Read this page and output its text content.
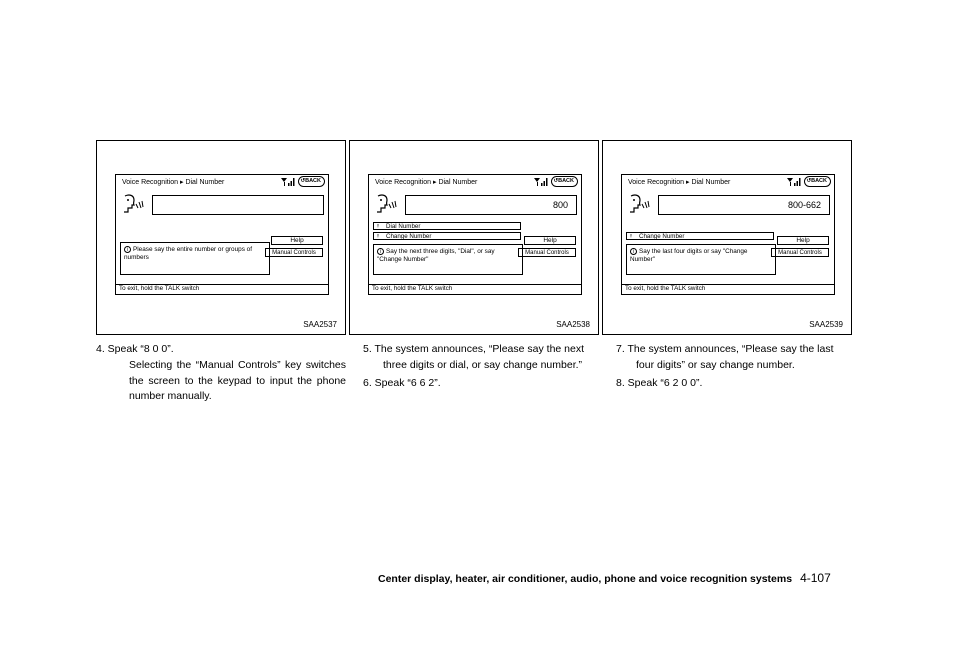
Voice Recognition ▸ Dial Number	↺BACK
Help
Manual Controls
i Please say the entire number or groups of numbers
To exit, hold the TALK switch
SAA2537
Voice Recognition ▸ Dial Number	↺BACK
800
ᵞ Dial Number
ᵞ Change Number
Help
Manual Controls
i Say the next three digits, "Dial", or say "Change Number"
To exit, hold the TALK switch
SAA2538
Voice Recognition ▸ Dial Number	↺BACK
800-662
ᵞ Change Number
Help
Manual Controls
i Say the last four digits or say "Change Number"
To exit, hold the TALK switch
SAA2539
4. Speak “8 0 0”.
Selecting the “Manual Controls” key switches the screen to the keypad to input the phone number manually.
5. The system announces, “Please say the next
three digits or dial, or say change number.”
6. Speak “6 6 2”.
7. The system announces, “Please say the last
four digits” or say change number.
8. Speak “6 2 0 0”.
Center display, heater, air conditioner, audio, phone and voice recognition systems 4-107
